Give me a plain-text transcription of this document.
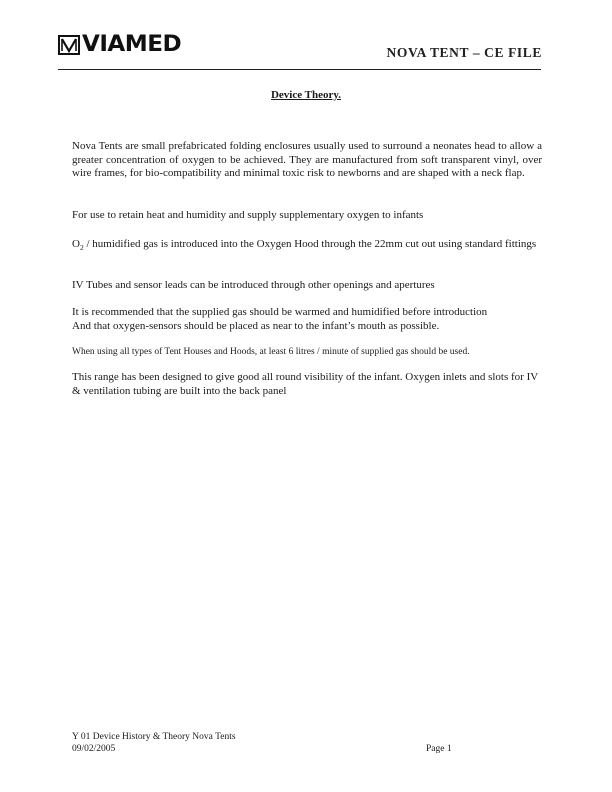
VIAMED	NOVA TENT – CE FILE
Device Theory.

Nova Tents are small prefabricated folding enclosures usually used to surround a neonates head to allow a greater concentration of oxygen to be achieved. They are manufactured from soft transparent vinyl, over wire frames, for bio-compatibility and minimal toxic risk to newborns and are shaped with a neck flap.

For use to retain heat and humidity and supply supplementary oxygen to infants

$O_2$ / humidified gas is introduced into the Oxygen Hood through the 22mm cut out using standard fittings

IV Tubes and sensor leads can be introduced through other openings and apertures

It is recommended that the supplied gas should be warmed and humidified before introduction
And that oxygen-sensors should be placed as near to the infant’s mouth as possible.

When using all types of Tent Houses and Hoods, at least 6 litres / minute of supplied gas should be used.

This range has been designed to give good all round visibility of the infant. Oxygen inlets and slots for IV & ventilation tubing are built into the back panel

Y 01 Device History & Theory Nova Tents
09/02/2005	Page 1
